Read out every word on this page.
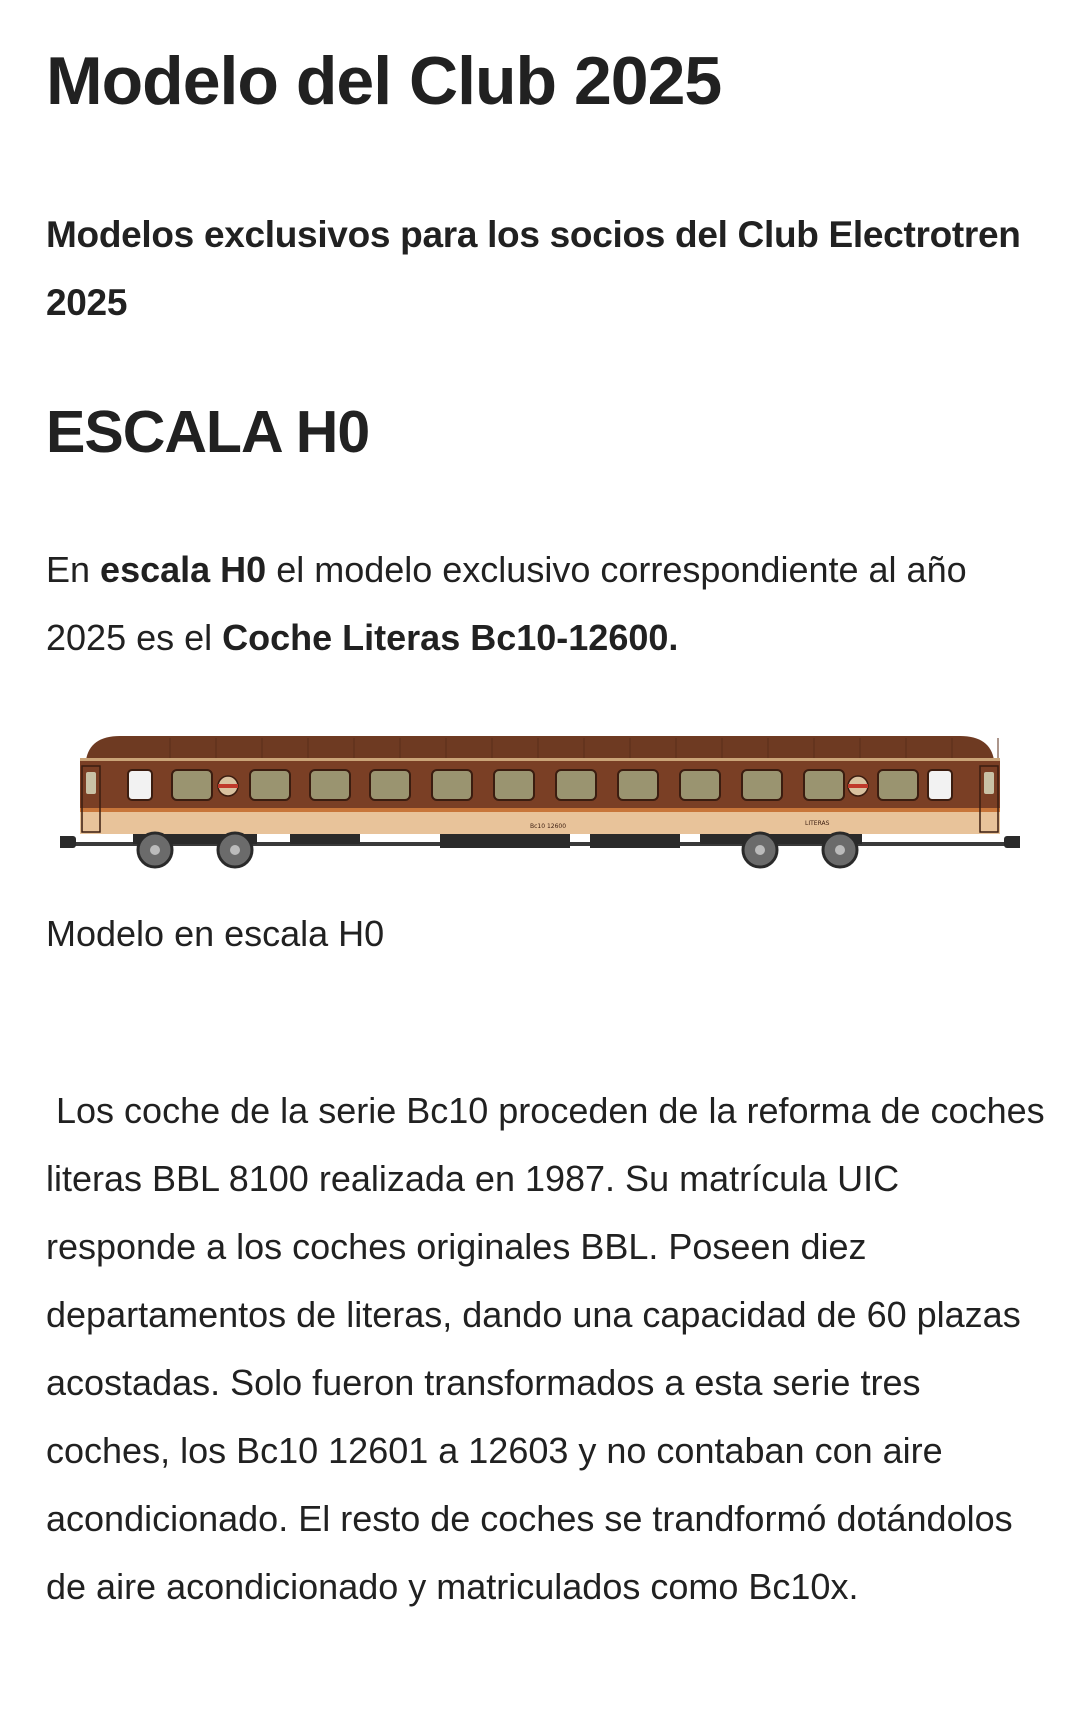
Modelo del Club 2025

Modelos exclusivos para los socios del Club Electrotren 2025

ESCALA H0

En escala H0 el modelo exclusivo correspondiente al año 2025 es el Coche Literas Bc10-12600.

Bc10 12600	LITERAS

Modelo en escala H0

Los coche de la serie Bc10 proceden de la reforma de coches literas BBL 8100 realizada en 1987. Su matrícula UIC responde a los coches originales BBL. Poseen diez departamentos de literas, dando una capacidad de 60 plazas acostadas. Solo fueron transformados a esta serie tres coches, los Bc10 12601 a 12603 y no contaban con aire acondicionado. El resto de coches se trandformó dotándolos de aire acondicionado y matriculados como Bc10x.
